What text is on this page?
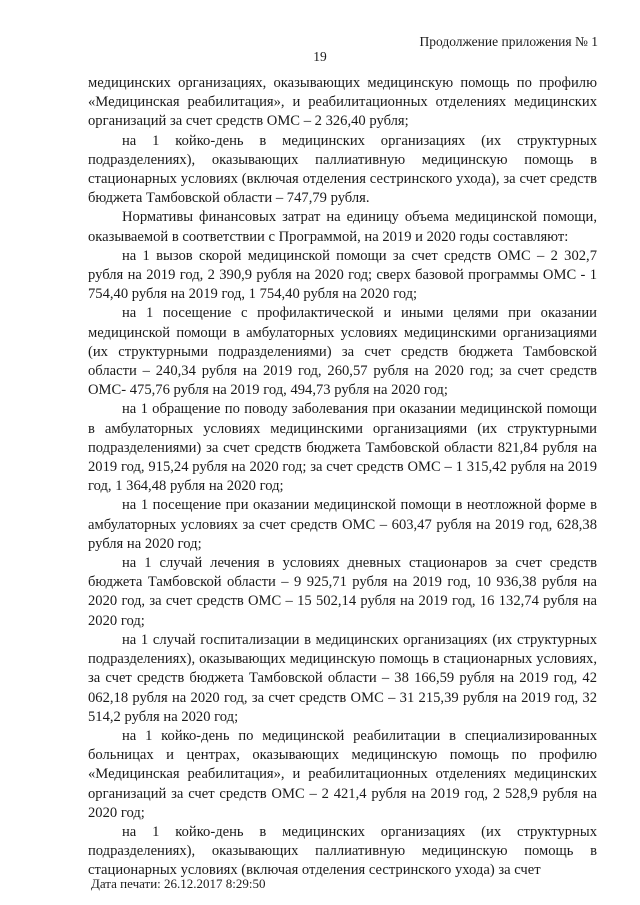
Продолжение приложения № 1
19

медицинских организациях, оказывающих медицинскую помощь по профилю «Медицинская реабилитация», и реабилитационных отделениях медицинских организаций за счет средств ОМС – 2 326,40 рубля;

на 1 койко-день в медицинских организациях (их структурных подразделениях), оказывающих паллиативную медицинскую помощь в стационарных условиях (включая отделения сестринского ухода), за счет средств бюджета Тамбовской области – 747,79 рубля.

Нормативы финансовых затрат на единицу объема медицинской помощи, оказываемой в соответствии с Программой, на 2019 и 2020 годы составляют:

на 1 вызов скорой медицинской помощи за счет средств ОМС – 2 302,7 рубля на 2019 год, 2 390,9 рубля на 2020 год; сверх базовой программы ОМС - 1 754,40 рубля на 2019 год, 1 754,40 рубля на 2020 год;

на 1 посещение с профилактической и иными целями при оказании медицинской помощи в амбулаторных условиях медицинскими организациями (их структурными подразделениями) за счет средств бюджета Тамбовской области – 240,34 рубля на 2019 год, 260,57 рубля на 2020 год; за счет средств ОМС- 475,76 рубля на 2019 год, 494,73 рубля на 2020 год;

на 1 обращение по поводу заболевания при оказании медицинской помощи в амбулаторных условиях медицинскими организациями (их структурными подразделениями) за счет средств бюджета Тамбовской области 821,84 рубля на 2019 год, 915,24 рубля на 2020 год; за счет средств ОМС – 1 315,42 рубля на 2019 год, 1 364,48 рубля на 2020 год;

на 1 посещение при оказании медицинской помощи в неотложной форме в амбулаторных условиях за счет средств ОМС – 603,47 рубля на 2019 год, 628,38 рубля на 2020 год;

на 1 случай лечения в условиях дневных стационаров за счет средств бюджета Тамбовской области – 9 925,71 рубля на 2019 год, 10 936,38 рубля на 2020 год, за счет средств ОМС – 15 502,14 рубля на 2019 год, 16 132,74 рубля на 2020 год;

на 1 случай госпитализации в медицинских организациях (их структурных подразделениях), оказывающих медицинскую помощь в стационарных условиях, за счет средств бюджета Тамбовской области – 38 166,59 рубля на 2019 год, 42 062,18 рубля на 2020 год, за счет средств ОМС – 31 215,39 рубля на 2019 год, 32 514,2 рубля на 2020 год;

на 1 койко-день по медицинской реабилитации в специализированных больницах и центрах, оказывающих медицинскую помощь по профилю «Медицинская реабилитация», и реабилитационных отделениях медицинских организаций за счет средств ОМС – 2 421,4 рубля на 2019 год, 2 528,9 рубля на 2020 год;

на 1 койко-день в медицинских организациях (их структурных подразделениях), оказывающих паллиативную медицинскую помощь в стационарных условиях (включая отделения сестринского ухода) за счет

Дата печати: 26.12.2017 8:29:50
